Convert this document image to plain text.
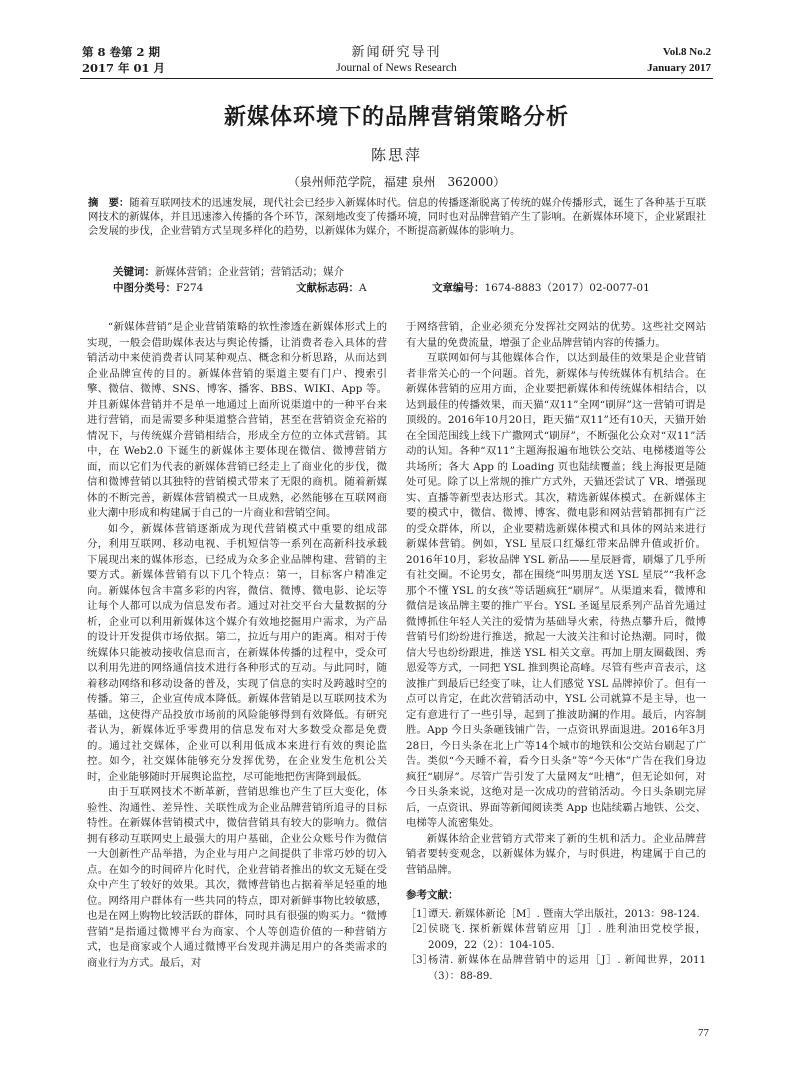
第 8 卷第 2 期
2017 年 01 月
新闻研究导刊
Journal of News Research
Vol.8 No.2
January 2017
新媒体环境下的品牌营销策略分析
陈思萍
（泉州师范学院，福建 泉州　362000）
摘　要：随着互联网技术的迅速发展，现代社会已经步入新媒体时代。信息的传播逐渐脱离了传统的媒介传播形式，诞生了各种基于互联网技术的新媒体，并且迅速渗入传播的各个环节，深刻地改变了传播环境，同时也对品牌营销产生了影响。在新媒体环境下，企业紧跟社会发展的步伐，企业营销方式呈现多样化的趋势，以新媒体为媒介，不断提高新媒体的影响力。
关键词：新媒体营销；企业营销；营销活动；媒介
中图分类号：F274	文献标志码：A	文章编号：1674-8883（2017）02-0077-01

“新媒体营销”是企业营销策略的软性渗透在新媒体形式上的实现，一般会借助媒体表达与舆论传播，让消费者卷入具体的营销活动中来使消费者认同某种观点、概念和分析思路，从而达到企业品牌宣传的目的。新媒体营销的渠道主要有门户、搜索引擎、微信、微博、SNS、博客、播客、BBS、WIKI、App 等。并且新媒体营销并不是单一地通过上面所说渠道中的一种平台来进行营销，而是需要多种渠道整合营销，甚至在营销资金充裕的情况下，与传统媒介营销相结合，形成全方位的立体式营销。其中，在 Web2.0 下诞生的新媒体主要体现在微信、微博营销方面，而以它们为代表的新媒体营销已经走上了商业化的步伐，微信和微博营销以其独特的营销模式带来了无限的商机。随着新媒体的不断完善，新媒体营销模式一旦成熟，必然能够在互联网商业大潮中形成和构建属于自己的一片商业和营销空间。

如今，新媒体营销逐渐成为现代营销模式中重要的组成部分，利用互联网、移动电视、手机短信等一系列在高新科技承载下展现出来的媒体形态，已经成为众多企业品牌构建、营销的主要方式。新媒体营销有以下几个特点：第一，目标客户精准定向。新媒体包含丰富多彩的内容，微信、微博、微电影、论坛等让每个人都可以成为信息发布者。通过对社交平台大量数据的分析，企业可以利用新媒体这个媒介有效地挖掘用户需求，为产品的设计开发提供市场依据。第二，拉近与用户的距离。相对于传统媒体只能被动接收信息而言，在新媒体传播的过程中，受众可以利用先进的网络通信技术进行各种形式的互动。与此同时，随着移动网络和移动设备的普及，实现了信息的实时及跨越时空的传播。第三，企业宣传成本降低。新媒体营销是以互联网技术为基础，这使得产品投放市场前的风险能够得到有效降低。有研究者认为，新媒体近乎零费用的信息发布对大多数受众都是免费的。通过社交媒体，企业可以利用低成本来进行有效的舆论监控。如今，社交媒体能够充分发挥优势，在企业发生危机公关时，企业能够随时开展舆论监控，尽可能地把伤害降到最低。

由于互联网技术不断革新，营销思维也产生了巨大变化，体验性、沟通性、差异性、关联性成为企业品牌营销所追寻的目标特性。在新媒体营销模式中，微信营销具有较大的影响力。微信拥有移动互联网史上最强大的用户基础，企业公众账号作为微信一大创新性产品举措，为企业与用户之间提供了非常巧妙的切入点。在如今的时间碎片化时代，企业营销者推出的软文无疑在受众中产生了较好的效果。其次，微博营销也占据着举足轻重的地位。网络用户群体有一些共同的特点，即对新鲜事物比较敏感，也是在网上购物比较活跃的群体，同时具有很强的购买力。“微博营销”是指通过微博平台为商家、个人等创造价值的一种营销方式，也是商家或个人通过微博平台发现并满足用户的各类需求的商业行为方式。最后，对

于网络营销，企业必须充分发挥社交网站的优势。这些社交网站有大量的免费流量，增强了企业品牌营销内容的传播力。

互联网如何与其他媒体合作，以达到最佳的效果是企业营销者非常关心的一个问题。首先，新媒体与传统媒体有机结合。在新媒体营销的应用方面，企业要把新媒体和传统媒体相结合，以达到最佳的传播效果，而天猫“双11”全网“刷屏”这一营销可谓是顶级的。2016年10月20日，距天猫“双11”还有10天，天猫开始在全国范围线上线下广撒网式“刷屏”，不断强化公众对“双11”活动的认知。各种“双11”主题海报遍布地铁公交站、电梯楼道等公共场所；各大 App 的 Loading 页也陆续覆盖；线上海报更是随处可见。除了以上常规的推广方式外，天猫还尝试了 VR、增强现实、直播等新型表达形式。其次，精选新媒体模式。在新媒体主要的模式中，微信、微博、博客、微电影和网站营销都拥有广泛的受众群体，所以，企业要精选新媒体模式和具体的网站来进行新媒体营销。例如，YSL 星辰口红爆红带来品牌升值或折价。2016年10月，彩妆品牌 YSL 新品——星辰唇膏，刷爆了几乎所有社交圈。不论男女，都在围绕“叫男朋友送 YSL 星辰”“我杯念那个不懂 YSL 的女孩”等话题疯狂“刷屏”。从渠道来看，微博和微信是该品牌主要的推广平台。YSL 圣诞星辰系列产品首先通过微博抓住年轻人关注的爱情为基础导火索，待热点攀升后，微博营销号们纷纷进行推送，掀起一大波关注和讨论热潮。同时，微信大号也纷纷跟进，推送 YSL 相关文章。再加上朋友圈截图、秀恩爱等方式，一同把 YSL 推到舆论高峰。尽管有些声音表示，这波推广到最后已经变了味，让人们感觉 YSL 品牌掉价了。但有一点可以肯定，在此次营销活动中，YSL 公司就算不是主导，也一定有意进行了一些引导，起到了推波助澜的作用。最后，内容制胜。App 今日头条砸钱铺广告，一点资讯界面退进。2016年3月28日，今日头条在北上广等14个城市的地铁和公交站台刷起了广告。类似“今天睡不着，看今日头条”等“今天体”广告在我们身边疯狂“刷屏”。尽管广告引发了大量网友“吐槽”，但无论如何，对今日头条来说，这绝对是一次成功的营销活动。今日头条刷完屏后，一点资讯、界面等新闻阅读类 App 也陆续霸占地铁、公交、电梯等人流密集处。

新媒体给企业营销方式带来了新的生机和活力。企业品牌营销者要转变观念，以新媒体为媒介，与时俱进，构建属于自己的营销品牌。

参考文献：
［1］
谭天. 新媒体新论［M］. 暨南大学出版社，2013：98-124.
［2］
侯晓飞. 探析新媒体营销应用［J］. 胜利油田党校学报，2009，22（2）：104-105.
［3］
杨清. 新媒体在品牌营销中的运用［J］. 新闻世界，2011（3）：88-89.
77
